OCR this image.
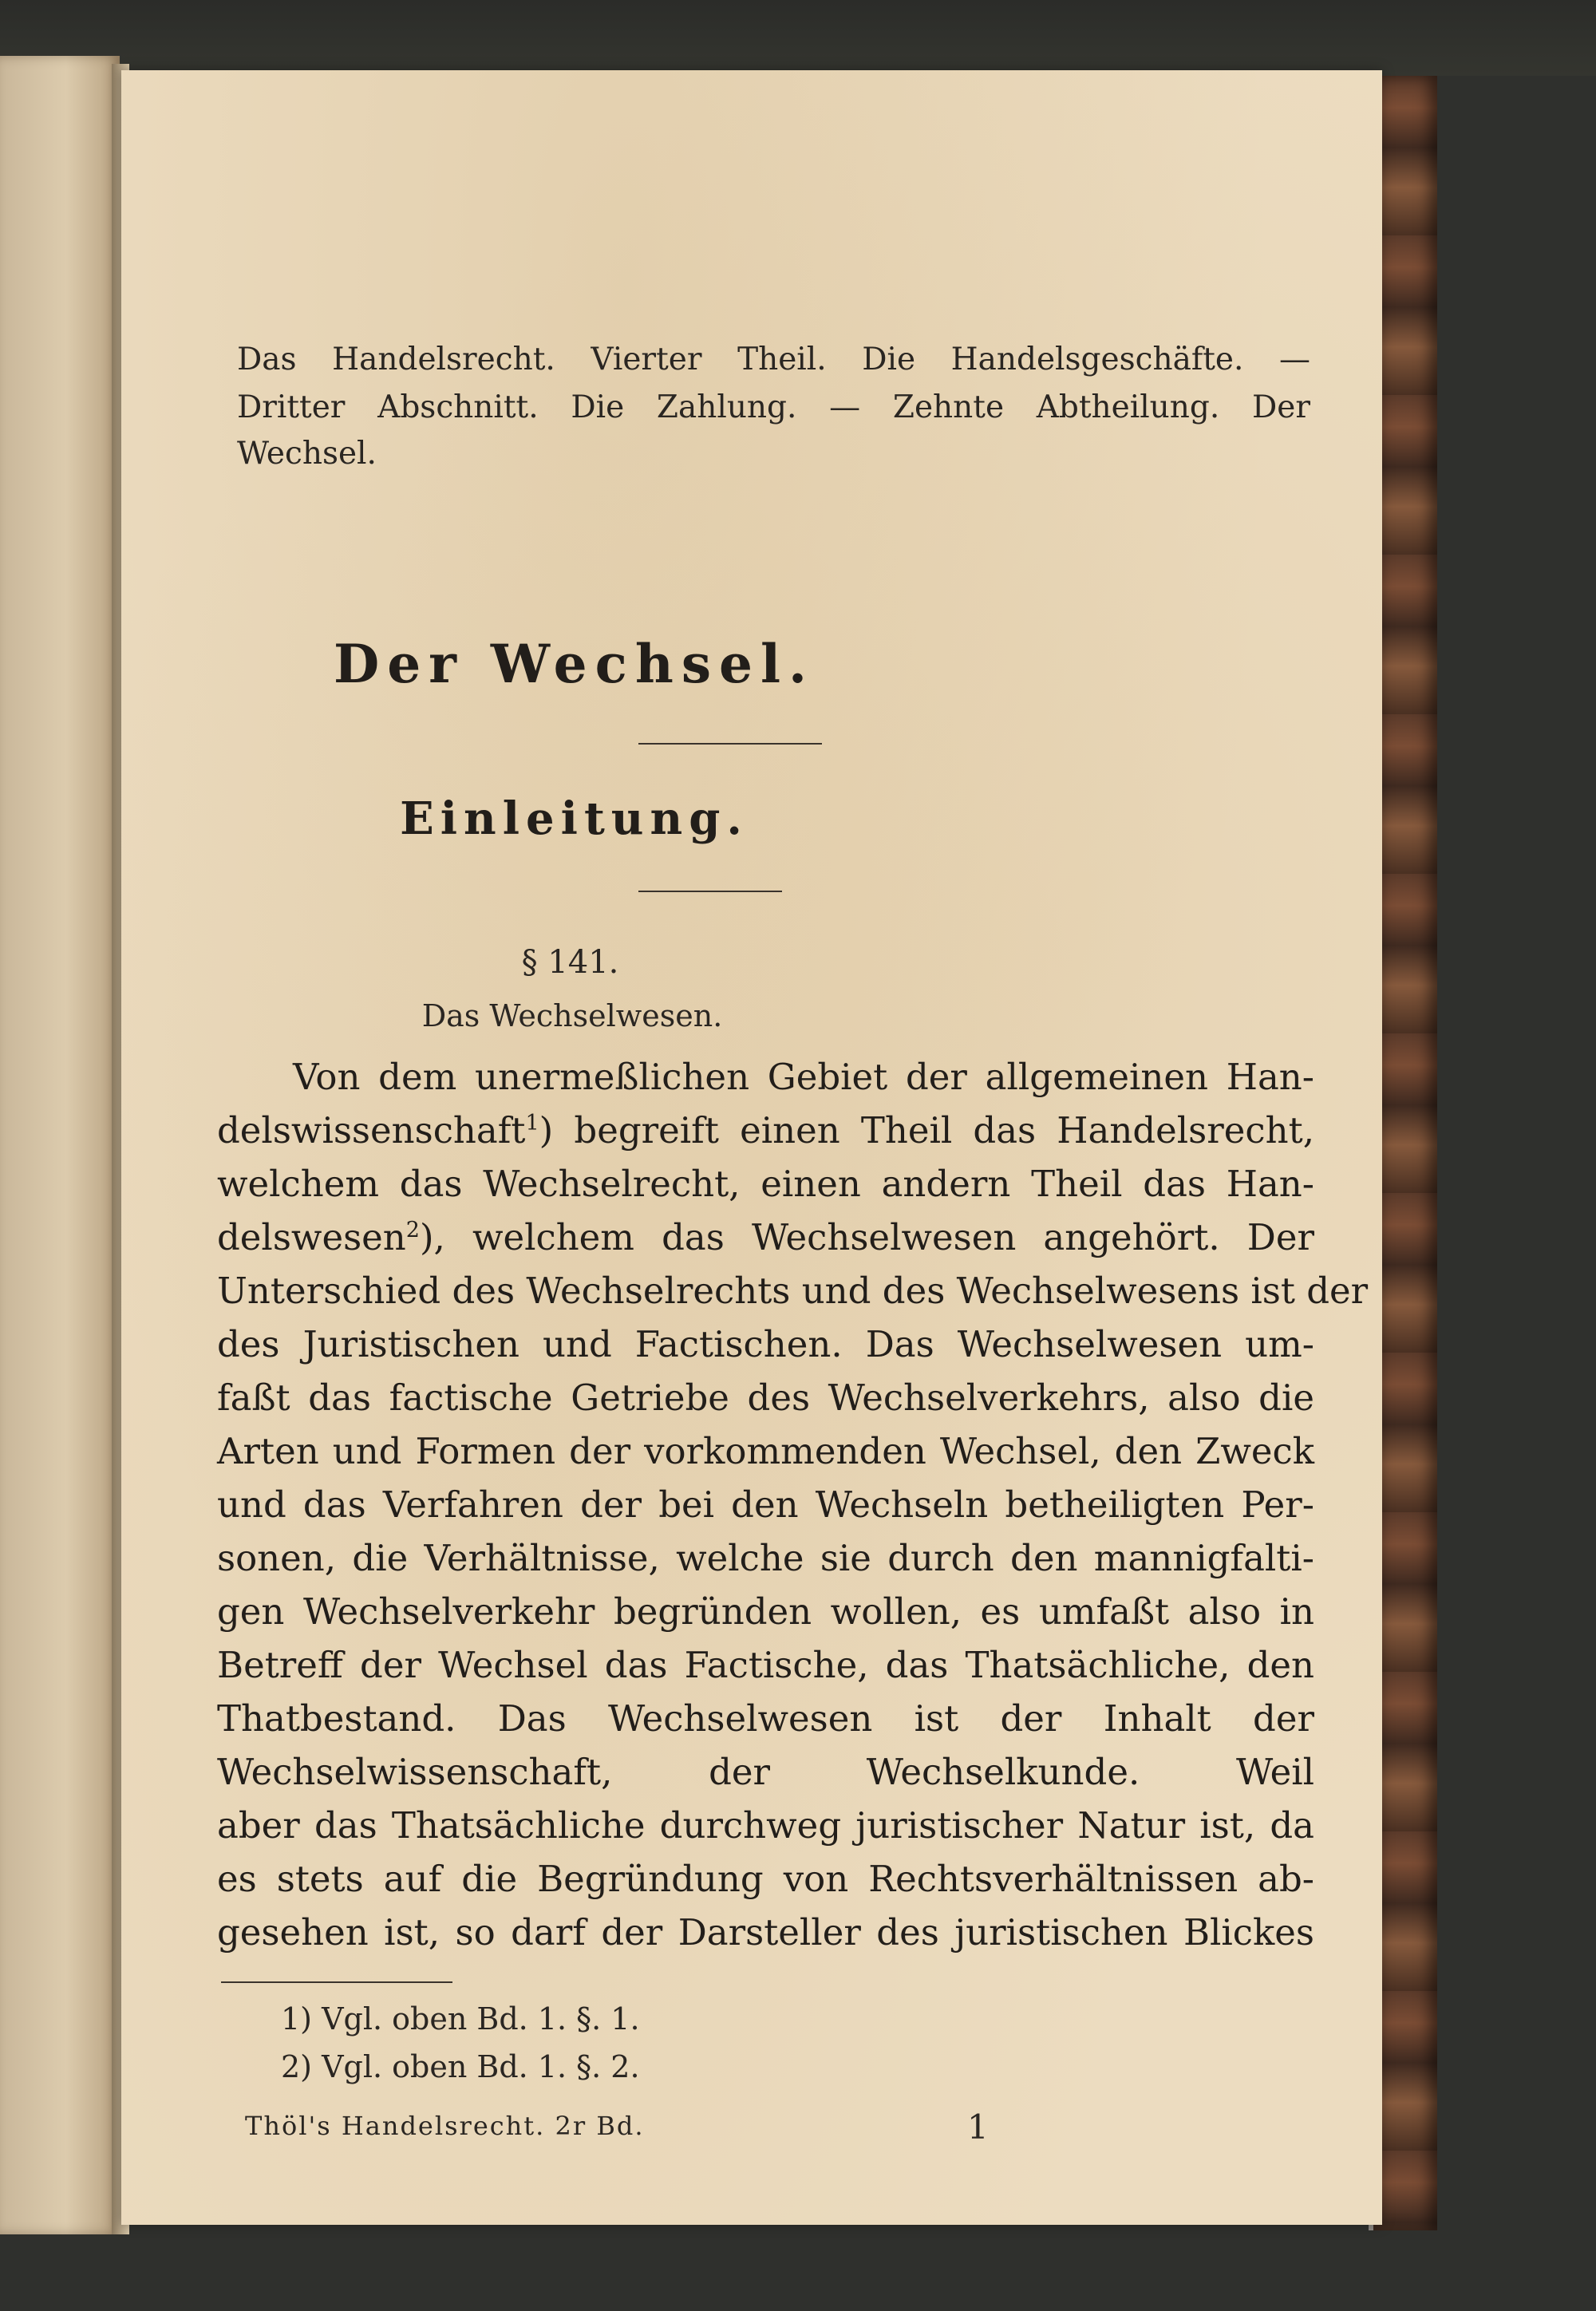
Das Handelsrecht. Vierter Theil. Die Handelsgeschäfte. —
Dritter Abschnitt. Die Zahlung. — Zehnte Abtheilung. Der
Wechsel.
Der Wechsel.
Einleitung.
§ 141.
Das Wechselwesen.
Von dem unermeßlichen Gebiet der allgemeinen Han-
delswissenschaft$^1$) begreift einen Theil das Handelsrecht,
welchem das Wechselrecht, einen andern Theil das Han-
delswesen$^2$), welchem das Wechselwesen angehört. Der
Unterschied des Wechselrechts und des Wechselwesens ist der
des Juristischen und Factischen. Das Wechselwesen um-
faßt das factische Getriebe des Wechselverkehrs, also die
Arten und Formen der vorkommenden Wechsel, den Zweck
und das Verfahren der bei den Wechseln betheiligten Per-
sonen, die Verhältnisse, welche sie durch den mannigfalti-
gen Wechselverkehr begründen wollen, es umfaßt also in
Betreff der Wechsel das Factische, das Thatsächliche, den
Thatbestand. Das Wechselwesen ist der Inhalt der
Wechselwissenschaft, der Wechselkunde. Weil
aber das Thatsächliche durchweg juristischer Natur ist, da
es stets auf die Begründung von Rechtsverhältnissen ab-
gesehen ist, so darf der Darsteller des juristischen Blickes
1) Vgl. oben Bd. 1. §. 1.
2) Vgl. oben Bd. 1. §. 2.
Thöl's Handelsrecht. 2r Bd.	1
